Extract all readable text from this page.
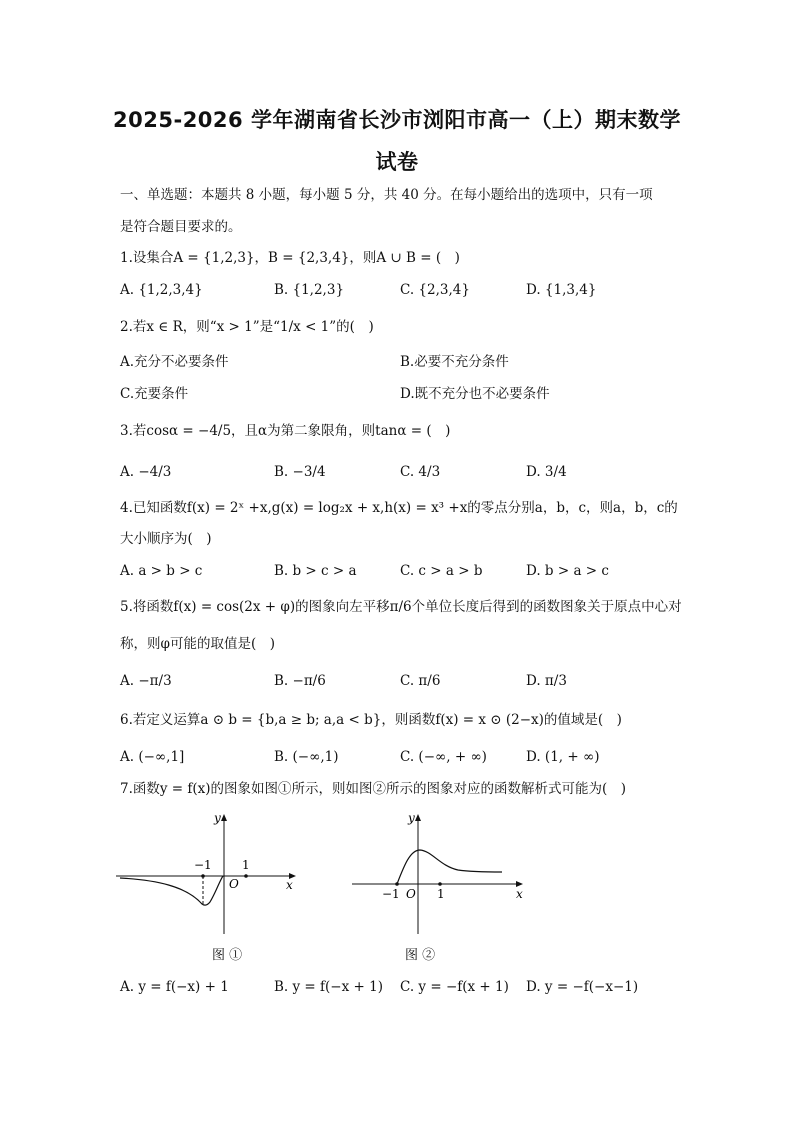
2025-2026 学年湖南省长沙市浏阳市高一（上）期末数学
试卷
一、单选题：本题共 8 小题，每小题 5 分，共 40 分。在每小题给出的选项中，只有一项
是符合题目要求的。
1.设集合A = {1,2,3}，B = {2,3,4}，则A ∪ B = (　)
A. {1,2,3,4}	B. {1,2,3}	C. {2,3,4}	D. {1,3,4}
2.若x ∈ R，则“x > 1”是“1/x < 1”的(　)
A.充分不必要条件	B.必要不充分条件
C.充要条件	D.既不充分也不必要条件
3.若cosα = −4/5，且α为第二象限角，则tanα = (　)
A. −4/3	B. −3/4	C. 4/3	D. 3/4
4.已知函数f(x) = 2ˣ +x,g(x) = log₂x + x,h(x) = x³ +x的零点分别a，b，c，则a，b，c的
大小顺序为(　)
A. a > b > c	B. b > c > a	C. c > a > b	D. b > a > c
5.将函数f(x) = cos(2x + φ)的图象向左平移π/6个单位长度后得到的函数图象关于原点中心对
称，则φ可能的取值是(　)
A. −π/3	B. −π/6	C. π/6	D. π/3
6.若定义运算a ⊙ b = {b,a ≥ b; a,a < b}，则函数f(x) = x ⊙ (2−x)的值域是(　)
A. (−∞,1]	B. (−∞,1)	C. (−∞, + ∞)	D. (1, + ∞)
7.函数y = f(x)的图象如图①所示，则如图②所示的图象对应的函数解析式可能为(　)
y
x
O
−1	1
图 ①
y
x
O
−1	1
图 ②
A. y = f(−x) + 1	B. y = f(−x + 1) C. y = −f(x + 1) D. y = −f(−x−1)
